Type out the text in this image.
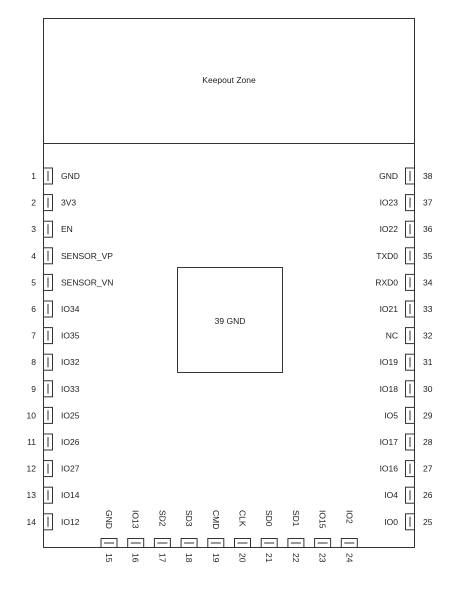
Keepout Zone
39 GND
1	GND
2	3V3
3	EN
4	SENSOR_VP
5	SENSOR_VN
6	IO34
7	IO35
8	IO32
9	IO33
10	IO25
11	IO26
12	IO27
13	IO14
14	IO12
GND	38
IO23	37
IO22	36
TXD0	35
RXD0	34
IO21	33
NC	32
IO19	31
IO18	30
IO5	29
IO17	28
IO16	27
IO4	26
IO0	25
GND
15
IO13
16
SD2
17
SD3
18
CMD
19
CLK
20
SD0
21
SD1
22
IO15
23
IO2
24
